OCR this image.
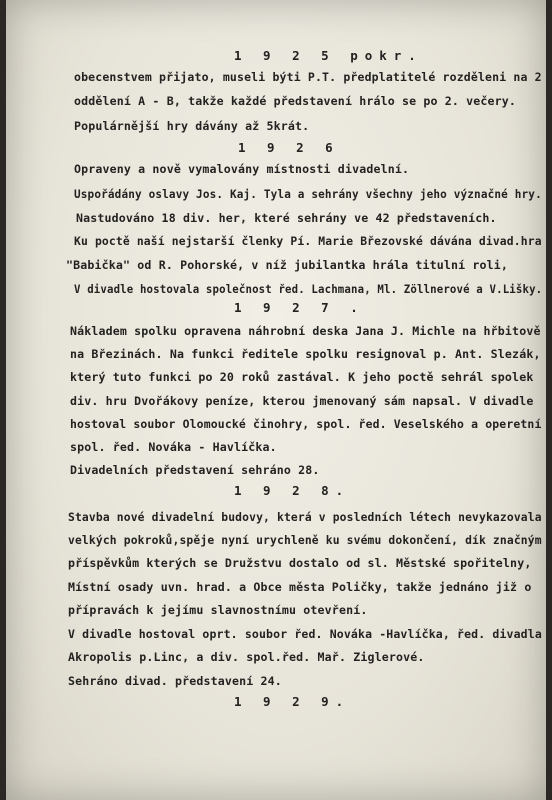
1 9 2 5 pokr.
obecenstvem přijato, museli býti P.T. předplatitelé rozděleni na 2
oddělení A - B, takže každé představení hrálo se po 2. večery.
Populárnější hry dávány až 5krát.
1 9 2 6
Opraveny a nově vymalovány místnosti divadelní.
Uspořádány oslavy Jos. Kaj. Tyla a sehrány všechny jeho význačné hry.
Nastudováno 18 div. her, které sehrány ve 42 představeních.
Ku poctě naší nejstarší členky Pí. Marie Březovské dávána divad.hra
"Babička" od R. Pohorské, v níž jubilantka hrála titulní roli,
V divadle hostovala společnost řed. Lachmana, Ml. Zöllnerové a V.Lišky.
1 9 2 7 .
Nákladem spolku opravena náhrobní deska Jana J. Michle na hřbitově
na Březinách. Na funkci ředitele spolku resignoval p. Ant. Slezák,
který tuto funkci po 20 roků zastával. K jeho poctě sehrál spolek
div. hru Dvořákovy peníze, kterou jmenovaný sám napsal. V divadle
hostoval soubor Olomoucké činohry, spol. řed. Veselského a operetní
spol. řed. Nováka - Havlíčka.
Divadelních představení sehráno 28.
1 9 2 8.
Stavba nové divadelní budovy, která v posledních létech nevykazovala
velkých pokroků,spěje nyní urychleně ku svému dokončení, dík značným
příspěvkům kterých se Družstvu dostalo od sl. Městské spořitelny,
Místní osady uvn. hrad. a Obce města Poličky, takže jednáno již o
přípravách k jejímu slavnostnímu otevření.
V divadle hostoval oprt. soubor řed. Nováka -Havlíčka, řed. divadla
Akropolis p.Linc, a div. spol.řed. Mař. Ziglerové.
Sehráno divad. představení 24.
1 9 2 9.
